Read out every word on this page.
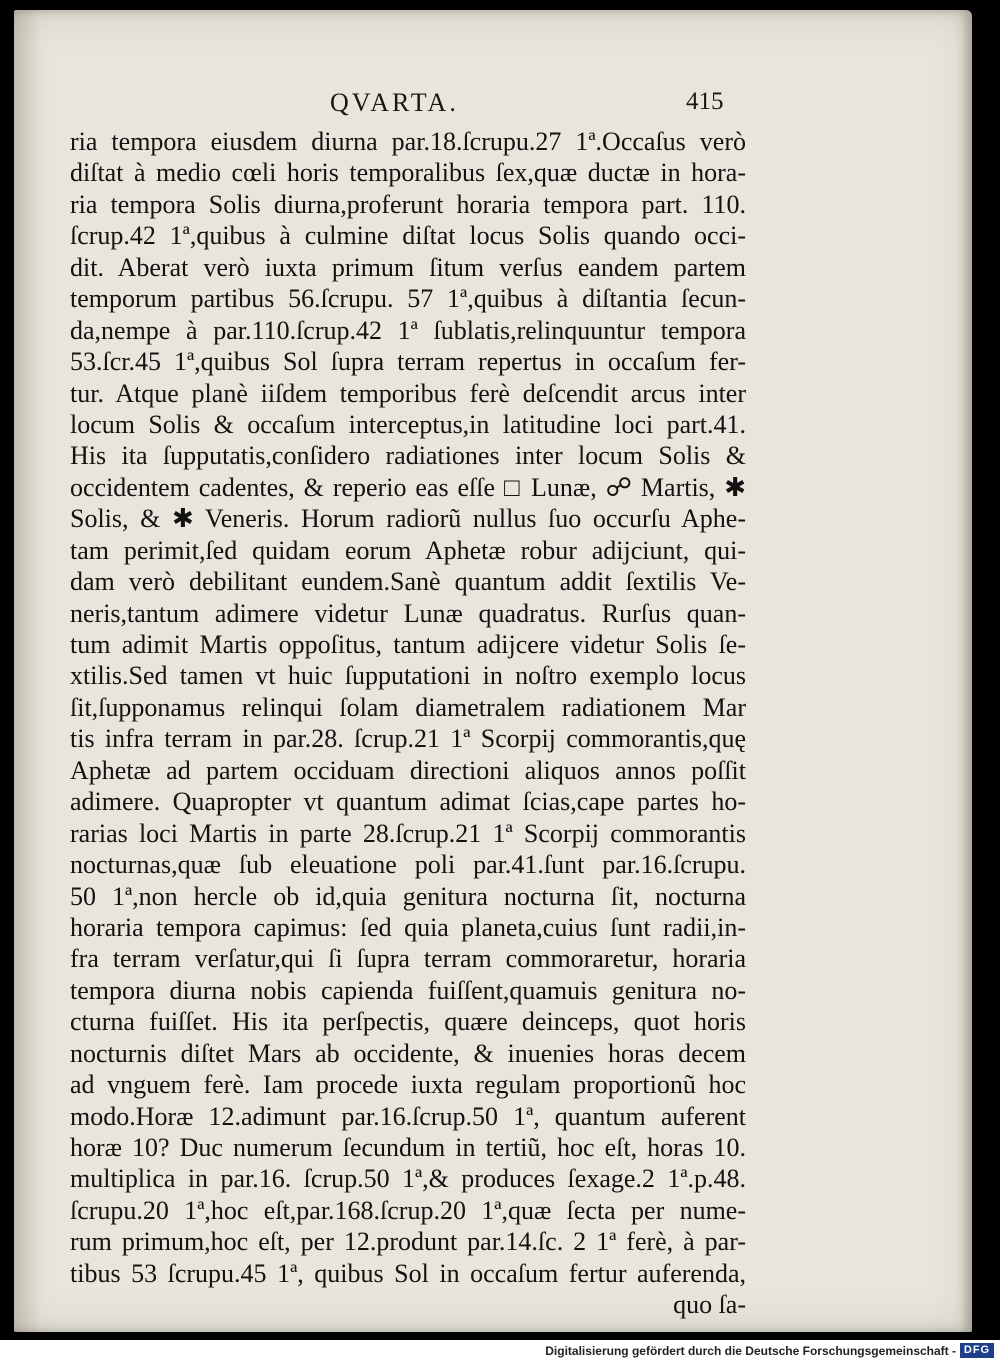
QVARTA.	415
ria tempora eiusdem diurna par.18.ſcrupu.27 1ª.Occaſus verò
diſtat à medio cœli horis temporalibus ſex,quæ ductæ in hora-
ria tempora Solis diurna,proferunt horaria tempora part. 110.
ſcrup.42 1ª,quibus à culmine diſtat locus Solis quando occi-
dit. Aberat verò iuxta primum ſitum verſus eandem partem
temporum partibus 56.ſcrupu. 57 1ª,quibus à diſtantia ſecun-
da,nempe à par.110.ſcrup.42 1ª ſublatis,relinquuntur tempora
53.ſcr.45 1ª,quibus Sol ſupra terram repertus in occaſum fer-
tur. Atque planè iiſdem temporibus ferè deſcendit arcus inter
locum Solis & occaſum interceptus,in latitudine loci part.41.
His ita ſupputatis,conſidero radiationes inter locum Solis &
occidentem cadentes, & reperio eas eſſe □ Lunæ, ☍ Martis, ✱
Solis, & ✱ Veneris. Horum radiorũ nullus ſuo occurſu Aphe-
tam perimit,ſed quidam eorum Aphetæ robur adijciunt, qui-
dam verò debilitant eundem.Sanè quantum addit ſextilis Ve-
neris,tantum adimere videtur Lunæ quadratus. Rurſus quan-
tum adimit Martis oppoſitus, tantum adijcere videtur Solis ſe-
xtilis.Sed tamen vt huic ſupputationi in noſtro exemplo locus
ſit,ſupponamus relinqui ſolam diametralem radiationem Mar
tis infra terram in par.28. ſcrup.21 1ª Scorpij commorantis,quę
Aphetæ ad partem occiduam directioni aliquos annos poſſit
adimere. Quapropter vt quantum adimat ſcias,cape partes ho-
rarias loci Martis in parte 28.ſcrup.21 1ª Scorpij commorantis
nocturnas,quæ ſub eleuatione poli par.41.ſunt par.16.ſcrupu.
50 1ª,non hercle ob id,quia genitura nocturna ſit, nocturna
horaria tempora capimus: ſed quia planeta,cuius ſunt radii,in-
fra terram verſatur,qui ſi ſupra terram commoraretur, horaria
tempora diurna nobis capienda fuiſſent,quamuis genitura no-
cturna fuiſſet. His ita perſpectis, quære deinceps, quot horis
nocturnis diſtet Mars ab occidente, & inuenies horas decem
ad vnguem ferè. Iam procede iuxta regulam proportionũ hoc
modo.Horæ 12.adimunt par.16.ſcrup.50 1ª, quantum auferent
horæ 10? Duc numerum ſecundum in tertiũ, hoc eſt, horas 10.
multiplica in par.16. ſcrup.50 1ª,& produces ſexage.2 1ª.p.48.
ſcrupu.20 1ª,hoc eſt,par.168.ſcrup.20 1ª,quæ ſecta per nume-
rum primum,hoc eſt, per 12.produnt par.14.ſc. 2 1ª ferè, à par-
tibus 53 ſcrupu.45 1ª, quibus Sol in occaſum fertur auferenda,
quo ſa-
Digitalisierung gefördert durch die Deutsche Forschungsgemeinschaft - DFG
